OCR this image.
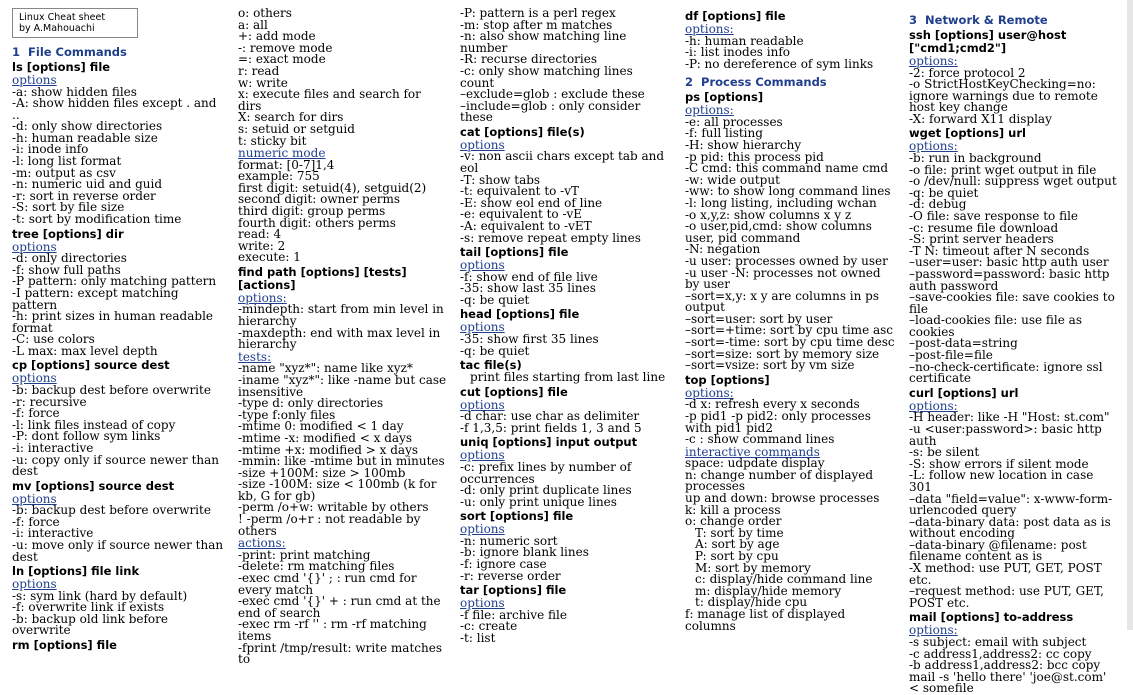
Linux Cheat sheet
by A.Mahouachi
1 File Commands
ls [options] file
options
-a: show hidden files
-A: show hidden files except . and ..
-d: only show directories
-h: human readable size
-i: inode info
-l: long list format
-m: output as csv
-n: numeric uid and guid
-r: sort in reverse order
-S: sort by file size
-t: sort by modification time
tree [options] dir
options
-d: only directories
-f: show full paths
-P pattern: only matching pattern
-I pattern: except matching pattern
-h: print sizes in human readable format
-C: use colors
-L max: max level depth
cp [options] source dest
options
-b: backup dest before overwrite
-r: recursive
-f: force
-l: link files instead of copy
-P: dont follow sym links
-i: interactive
-u: copy only if source newer than dest
mv [options] source dest
options
-b: backup dest before overwrite
-f: force
-i: interactive
-u: move only if source newer than dest
ln [options] file link
options
-s: sym link (hard by default)
-f: overwrite link if exists
-b: backup old link before overwrite
rm [options] file
o: others
a: all
+: add mode
-: remove mode
=: exact mode
r: read
w: write
x: execute files and search for dirs
X: search for dirs
s: setuid or setguid
t: sticky bit
numeric mode
format: [0-7]1,4
example: 755
first digit: setuid(4), setguid(2)
second digit: owner perms
third digit: group perms
fourth digit: others perms
read: 4
write: 2
execute: 1
find path [options] [tests] [actions]
options:
-mindepth: start from min level in hierarchy
-maxdepth: end with max level in hierarchy
tests:
-name "xyz*": name like xyz*
-iname "xyz*": like -name but case insensitive
-type d: only directories
-type f:only files
-mtime 0: modified < 1 day
-mtime -x: modified < x days
-mtime +x: modified > x days
-mmin: like -mtime but in minutes
-size +100M: size > 100mb
-size -100M: size < 100mb (k for kb, G for gb)
-perm /o+w: writable by others
! -perm /o+r : not readable by others
actions:
-print: print matching
-delete: rm matching files
-exec cmd '{}' ; : run cmd for every match
-exec cmd '{}' + : run cmd at the end of search
-exec rm -rf '' : rm -rf matching items
-fprint /tmp/result: write matches to
-P: pattern is a perl regex
-m: stop after m matches
-n: also show matching line number
-R: recurse directories
-c: only show matching lines count
–exclude=glob : exclude these
–include=glob : only consider these
cat [options] file(s)
options
-v: non ascii chars except tab and eol
-T: show tabs
-t: equivalent to -vT
-E: show eol end of line
-e: equivalent to -vE
-A: equivalent to -vET
-s: remove repeat empty lines
tail [options] file
options
-f: show end of file live
-35: show last 35 lines
-q: be quiet
head [options] file
options
-35: show first 35 lines
-q: be quiet
tac file(s)
print files starting from last line
cut [options] file
options
-d char: use char as delimiter
-f 1,3,5: print fields 1, 3 and 5
uniq [options] input output
options
-c: prefix lines by number of occurrences
-d: only print duplicate lines
-u: only print unique lines
sort [options] file
options
-n: numeric sort
-b: ignore blank lines
-f: ignore case
-r: reverse order
tar [options] file
options
-f file: archive file
-c: create
-t: list
df [options] file
options:
-h: human readable
-i: list inodes info
-P: no dereference of sym links
2 Process Commands
ps [options]
options:
-e: all processes
-f: full listing
-H: show hierarchy
-p pid: this process pid
-C cmd: this command name cmd
-w: wide output
-ww: to show long command lines
-l: long listing, including wchan
-o x,y,z: show columns x y z
-o user,pid,cmd: show columns user, pid command
-N: negation
-u user: processes owned by user
-u user -N: processes not owned by user
–sort=x,y: x y are columns in ps output
–sort=user: sort by user
–sort=+time: sort by cpu time asc
–sort=-time: sort by cpu time desc
–sort=size: sort by memory size
–sort=vsize: sort by vm size
top [options]
options:
-d x: refresh every x seconds
-p pid1 -p pid2: only processes with pid1 pid2
-c : show command lines
interactive commands
space: udpdate display
n: change number of displayed processes
up and down: browse processes
k: kill a process
o: change order
T: sort by time
A: sort by age
P: sort by cpu
M: sort by memory
c: display/hide command line
m: display/hide memory
t: display/hide cpu
f: manage list of displayed columns
3 Network & Remote
ssh [options] user@host ["cmd1;cmd2"]
options:
-2: force protocol 2
-o StrictHostKeyChecking=no: ignore warnings due to remote host key change
-X: forward X11 display
wget [options] url
options:
-b: run in background
-o file: print wget output in file
-o /dev/null: suppress wget output
-q: be quiet
-d: debug
-O file: save response to file
-c: resume file download
-S: print server headers
-T N: timeout after N seconds
–user=user: basic http auth user
–password=password: basic http auth password
–save-cookies file: save cookies to file
–load-cookies file: use file as cookies
–post-data=string
–post-file=file
–no-check-certificate: ignore ssl certificate
curl [options] url
options:
-H header: like -H "Host: st.com"
-u <user:password>: basic http auth
-s: be silent
-S: show errors if silent mode
-L: follow new location in case 301
–data "field=value": x-www-form-urlencoded query
–data-binary data: post data as is without encoding
–data-binary @filename: post filename content as is
-X method: use PUT, GET, POST etc.
–request method: use PUT, GET, POST etc.
mail [options] to-address
options:
-s subject: email with subject
-c address1,address2: cc copy
-b address1,address2: bcc copy
mail -s 'hello there' 'joe@st.com' < somefile
